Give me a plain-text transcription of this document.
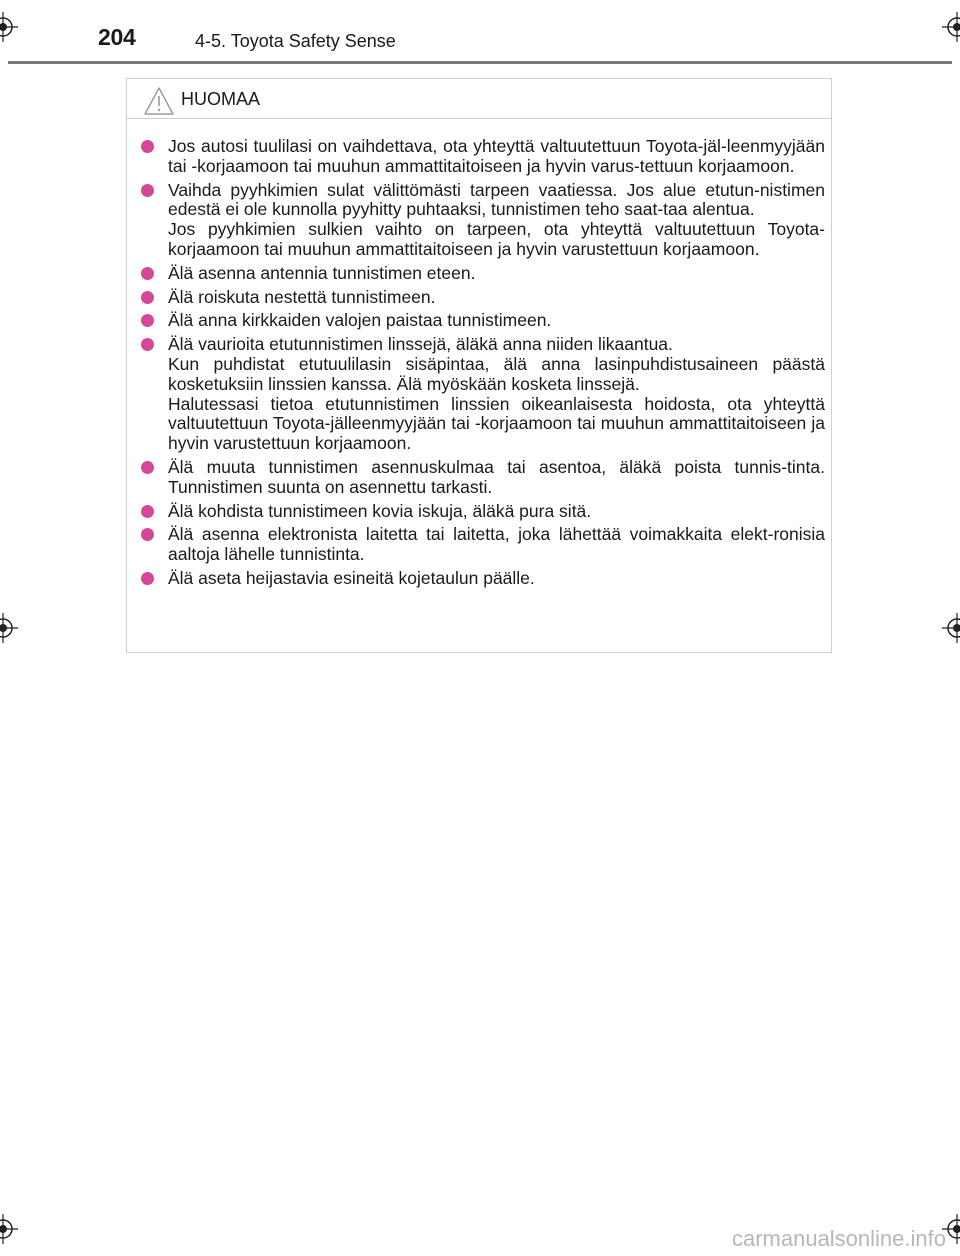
204	4-5. Toyota Safety Sense
HUOMAA
Jos autosi tuulilasi on vaihdettava, ota yhteyttä valtuutettuun Toyota-jäl-leenmyyjään tai -korjaamoon tai muuhun ammattitaitoiseen ja hyvin varus-tettuun korjaamoon.
Vaihda pyyhkimien sulat välittömästi tarpeen vaatiessa. Jos alue etutun-nistimen edestä ei ole kunnolla pyyhitty puhtaaksi, tunnistimen teho saat-taa alentua.
Jos pyyhkimien sulkien vaihto on tarpeen, ota yhteyttä valtuutettuun Toyota-korjaamoon tai muuhun ammattitaitoiseen ja hyvin varustettuun korjaamoon.
Älä asenna antennia tunnistimen eteen.
Älä roiskuta nestettä tunnistimeen.
Älä anna kirkkaiden valojen paistaa tunnistimeen.
Älä vaurioita etutunnistimen linssejä, äläkä anna niiden likaantua.
Kun puhdistat etutuulilasin sisäpintaa, älä anna lasinpuhdistusaineen päästä kosketuksiin linssien kanssa. Älä myöskään kosketa linssejä.
Halutessasi tietoa etutunnistimen linssien oikeanlaisesta hoidosta, ota yhteyttä valtuutettuun Toyota-jälleenmyyjään tai -korjaamoon tai muuhun ammattitaitoiseen ja hyvin varustettuun korjaamoon.
Älä muuta tunnistimen asennuskulmaa tai asentoa, äläkä poista tunnis-tinta. Tunnistimen suunta on asennettu tarkasti.
Älä kohdista tunnistimeen kovia iskuja, äläkä pura sitä.
Älä asenna elektronista laitetta tai laitetta, joka lähettää voimakkaita elekt-ronisia aaltoja lähelle tunnistinta.
Älä aseta heijastavia esineitä kojetaulun päälle.
carmanualsonline.info
